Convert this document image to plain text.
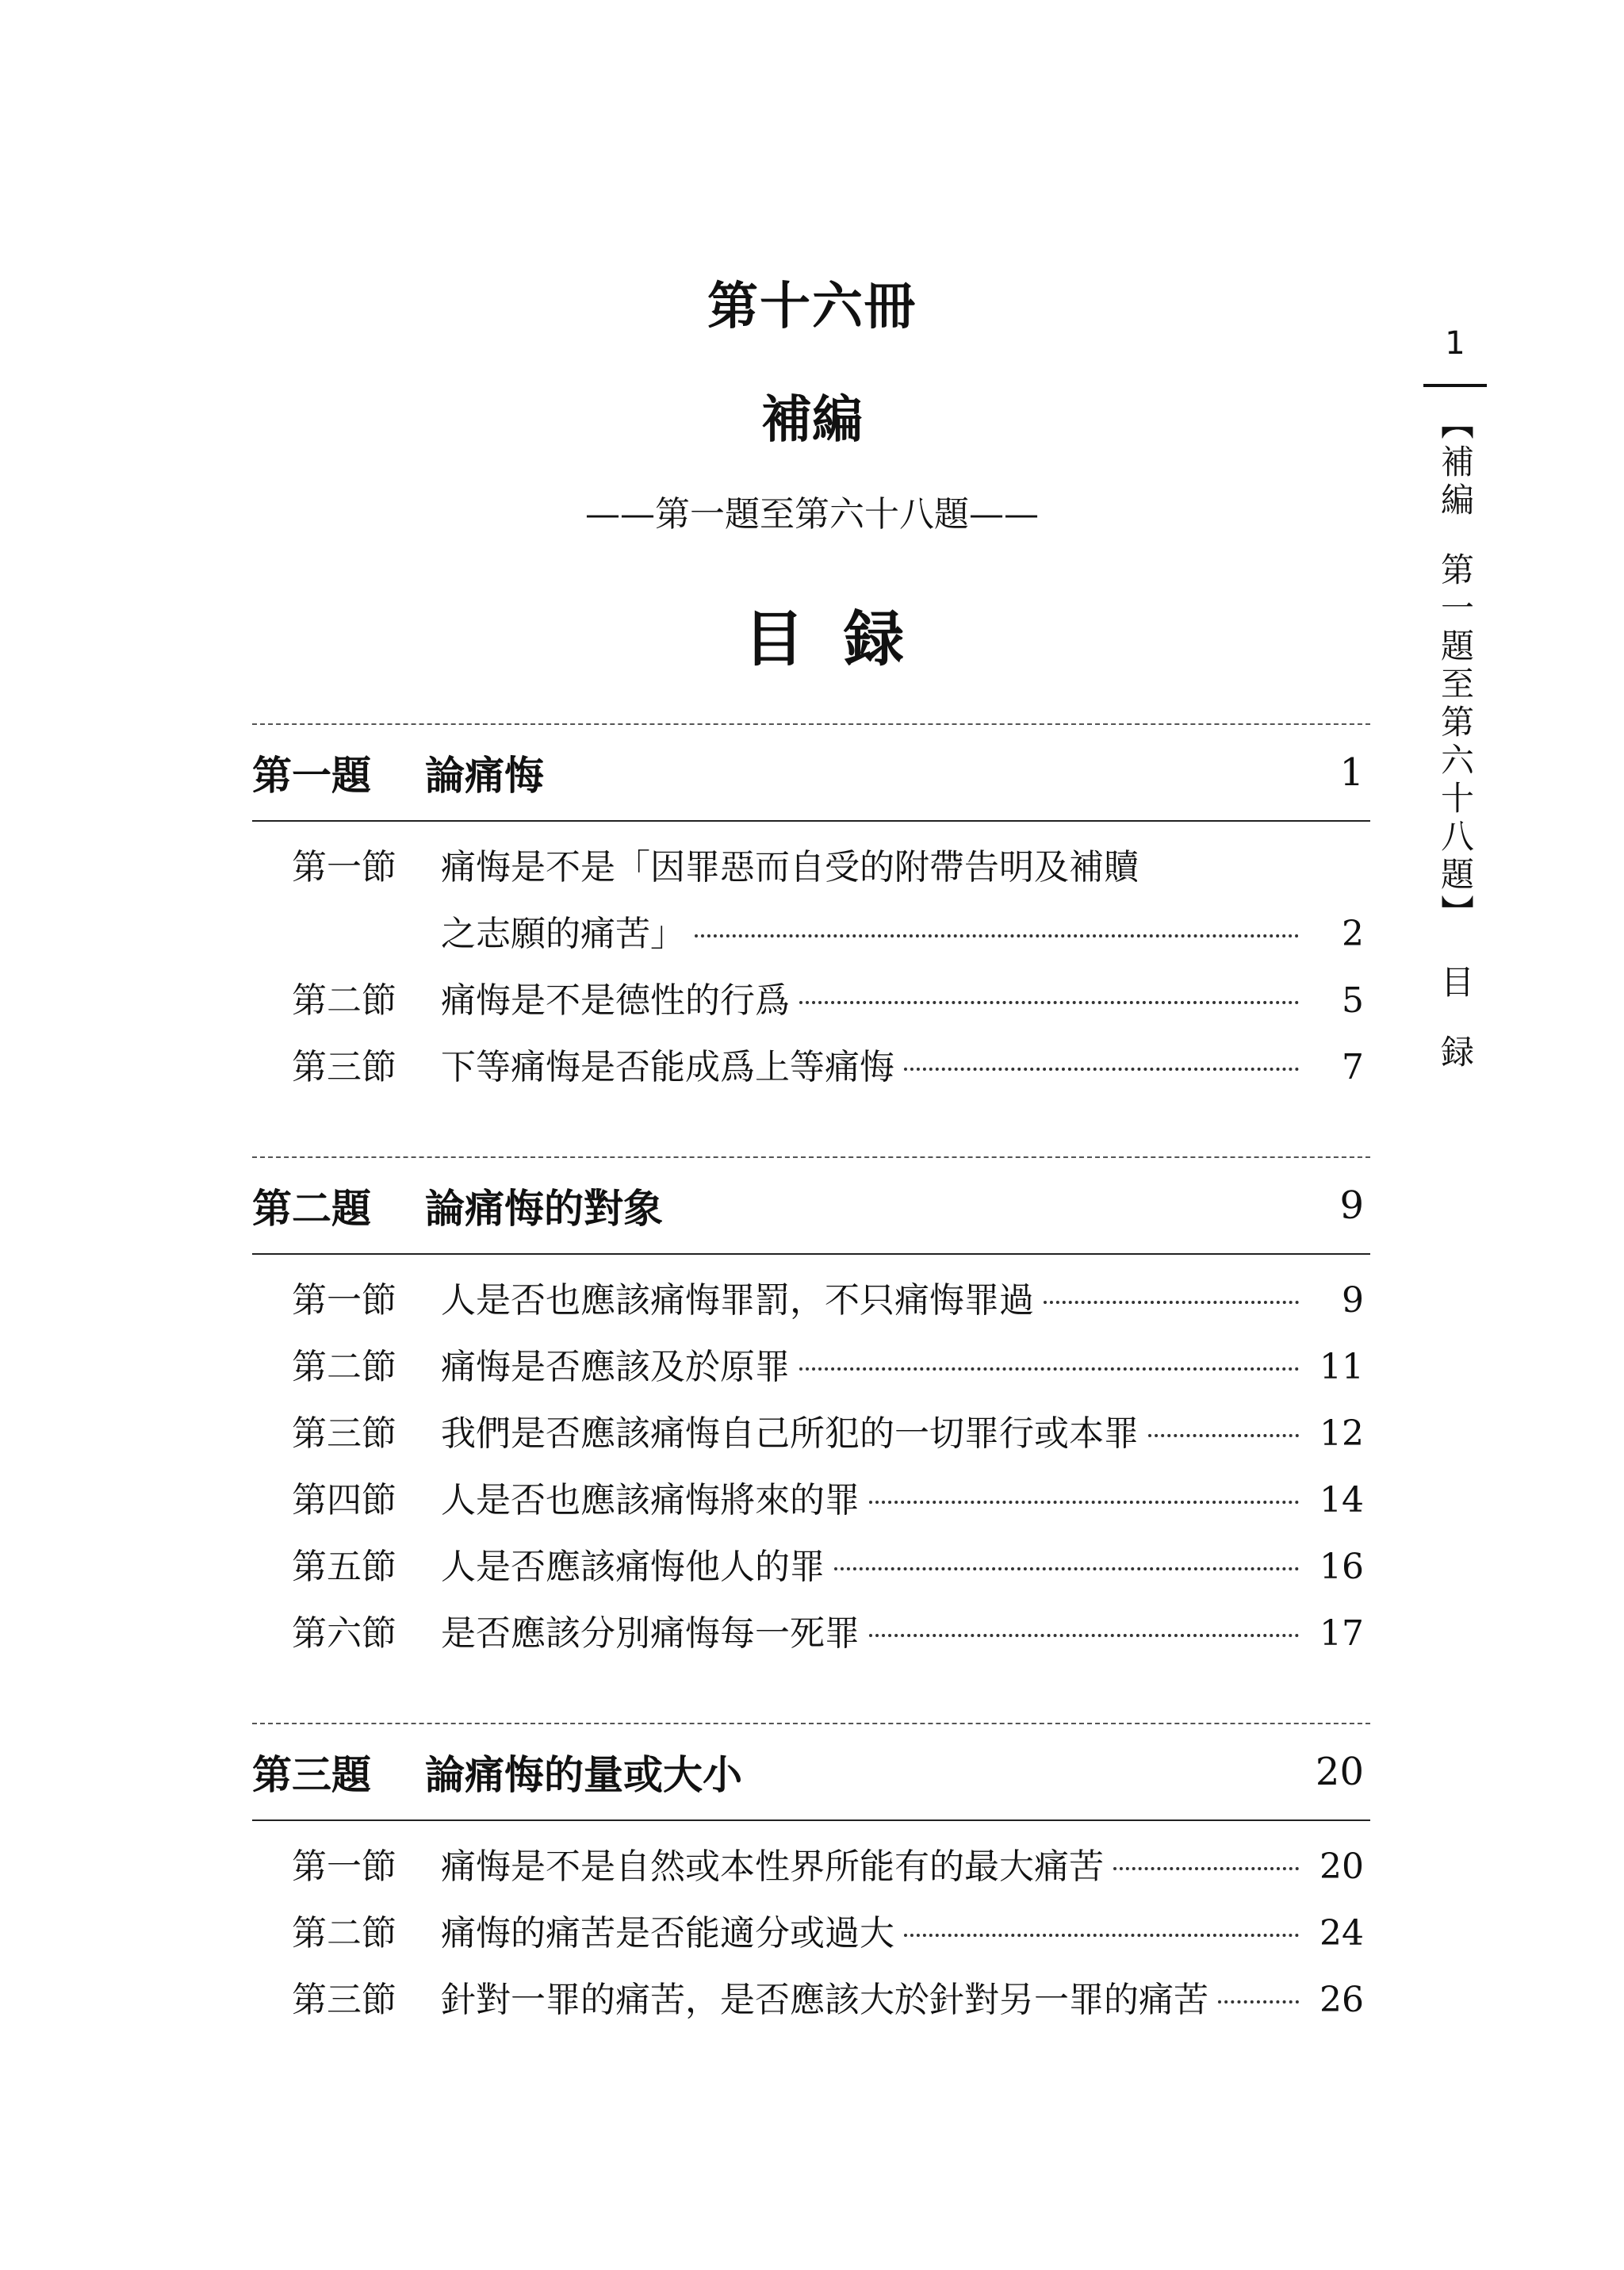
第十六冊
補編
——第一題至第六十八題——
目録
第一題	論痛悔	1
第一節	痛悔是不是「因罪惡而自受的附帶告明及補贖
之志願的痛苦」	2
第二節	痛悔是不是德性的行爲	5
第三節	下等痛悔是否能成爲上等痛悔	7
第二題	論痛悔的對象	9
第一節	人是否也應該痛悔罪罰，不只痛悔罪過	9
第二節	痛悔是否應該及於原罪	11
第三節	我們是否應該痛悔自己所犯的一切罪行或本罪	12
第四節	人是否也應該痛悔將來的罪	14
第五節	人是否應該痛悔他人的罪	16
第六節	是否應該分別痛悔每一死罪	17
第三題	論痛悔的量或大小	20
第一節	痛悔是不是自然或本性界所能有的最大痛苦	20
第二節	痛悔的痛苦是否能適分或過大	24
第三節	針對一罪的痛苦，是否應該大於針對另一罪的痛苦	26
1
【補編第一題至第六十八題】目録
